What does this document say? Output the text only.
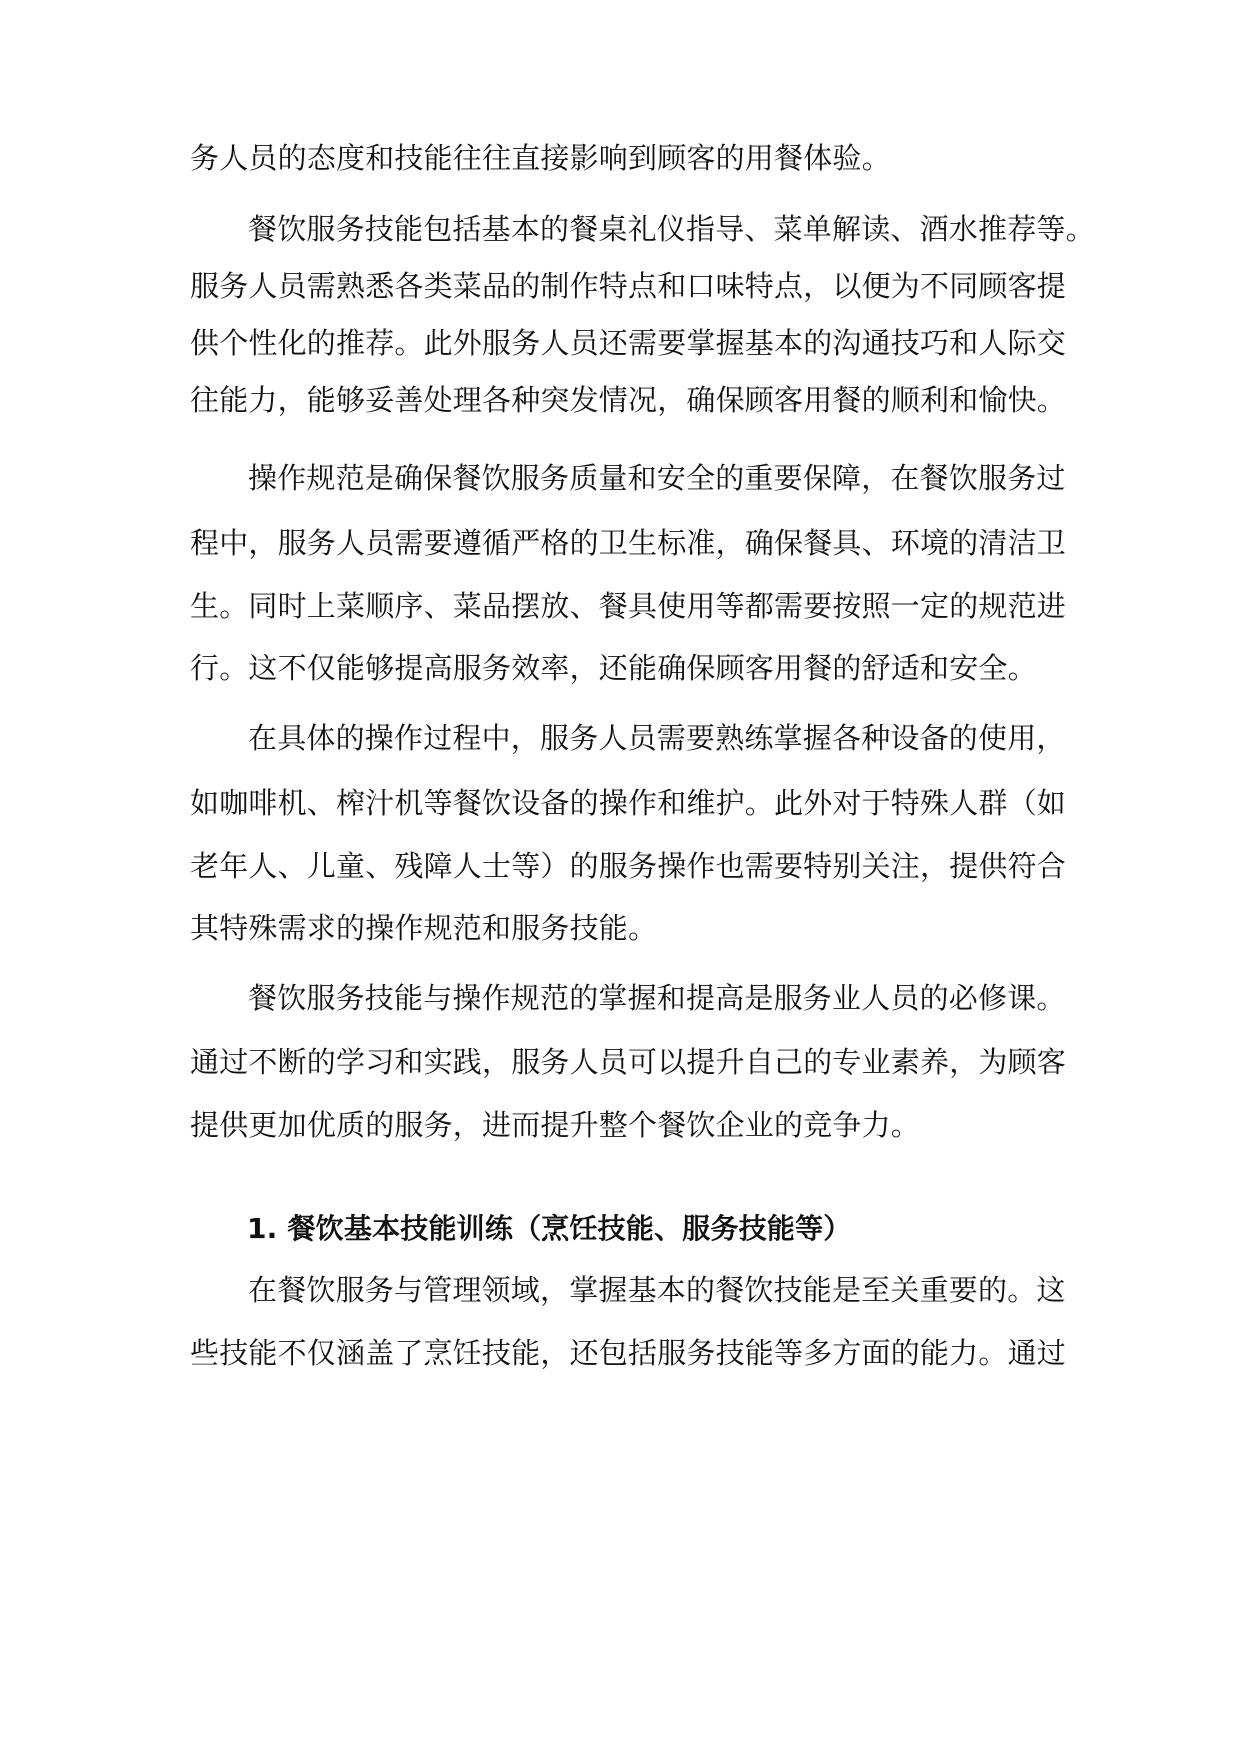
务人员的态度和技能往往直接影响到顾客的用餐体验。
餐饮服务技能包括基本的餐桌礼仪指导、菜单解读、酒水推荐等。
服务人员需熟悉各类菜品的制作特点和口味特点，以便为不同顾客提
供个性化的推荐。此外服务人员还需要掌握基本的沟通技巧和人际交
往能力，能够妥善处理各种突发情况，确保顾客用餐的顺利和愉快。
操作规范是确保餐饮服务质量和安全的重要保障，在餐饮服务过
程中，服务人员需要遵循严格的卫生标准，确保餐具、环境的清洁卫
生。同时上菜顺序、菜品摆放、餐具使用等都需要按照一定的规范进
行。这不仅能够提高服务效率，还能确保顾客用餐的舒适和安全。
在具体的操作过程中，服务人员需要熟练掌握各种设备的使用，
如咖啡机、榨汁机等餐饮设备的操作和维护。此外对于特殊人群（如
老年人、儿童、残障人士等）的服务操作也需要特别关注，提供符合
其特殊需求的操作规范和服务技能。
餐饮服务技能与操作规范的掌握和提高是服务业人员的必修课。
通过不断的学习和实践，服务人员可以提升自己的专业素养，为顾客
提供更加优质的服务，进而提升整个餐饮企业的竞争力。
1. 餐饮基本技能训练（烹饪技能、服务技能等）
在餐饮服务与管理领域，掌握基本的餐饮技能是至关重要的。这
些技能不仅涵盖了烹饪技能，还包括服务技能等多方面的能力。通过
